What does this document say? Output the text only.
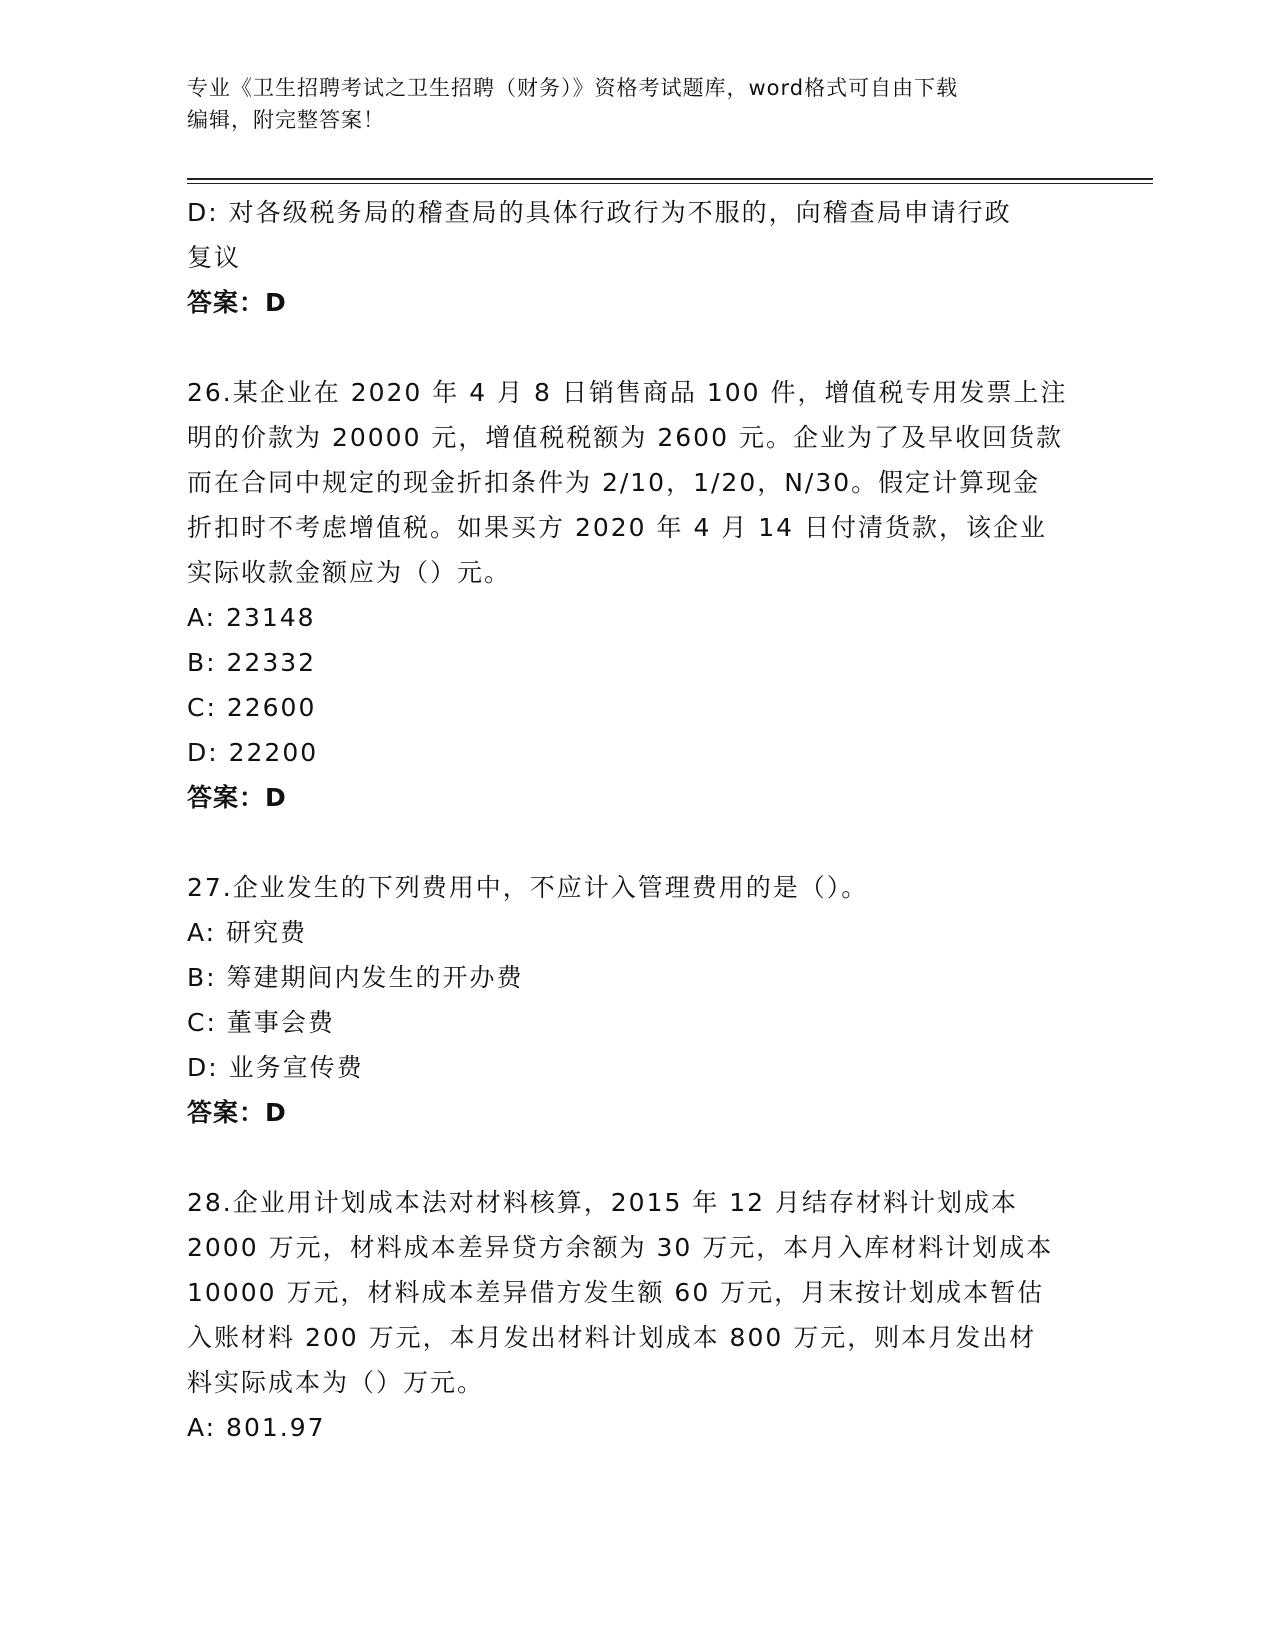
专业《卫生招聘考试之卫生招聘（财务）》资格考试题库，word格式可自由下载
编辑，附完整答案！

D: 对各级税务局的稽查局的具体行政行为不服的，向稽查局申请行政

复议

答案：D

26.某企业在 2020 年 4 月 8 日销售商品 100 件，增值税专用发票上注

明的价款为 20000 元，增值税税额为 2600 元。企业为了及早收回货款

而在合同中规定的现金折扣条件为 2/10，1/20，N/30。假定计算现金

折扣时不考虑增值税。如果买方 2020 年 4 月 14 日付清货款，该企业

实际收款金额应为（）元。

A: 23148

B: 22332

C: 22600

D: 22200

答案：D

27.企业发生的下列费用中，不应计入管理费用的是（）。

A: 研究费

B: 筹建期间内发生的开办费

C: 董事会费

D: 业务宣传费

答案：D

28.企业用计划成本法对材料核算，2015 年 12 月结存材料计划成本

2000 万元，材料成本差异贷方余额为 30 万元，本月入库材料计划成本

10000 万元，材料成本差异借方发生额 60 万元，月末按计划成本暂估

入账材料 200 万元，本月发出材料计划成本 800 万元，则本月发出材

料实际成本为（）万元。

A: 801.97
